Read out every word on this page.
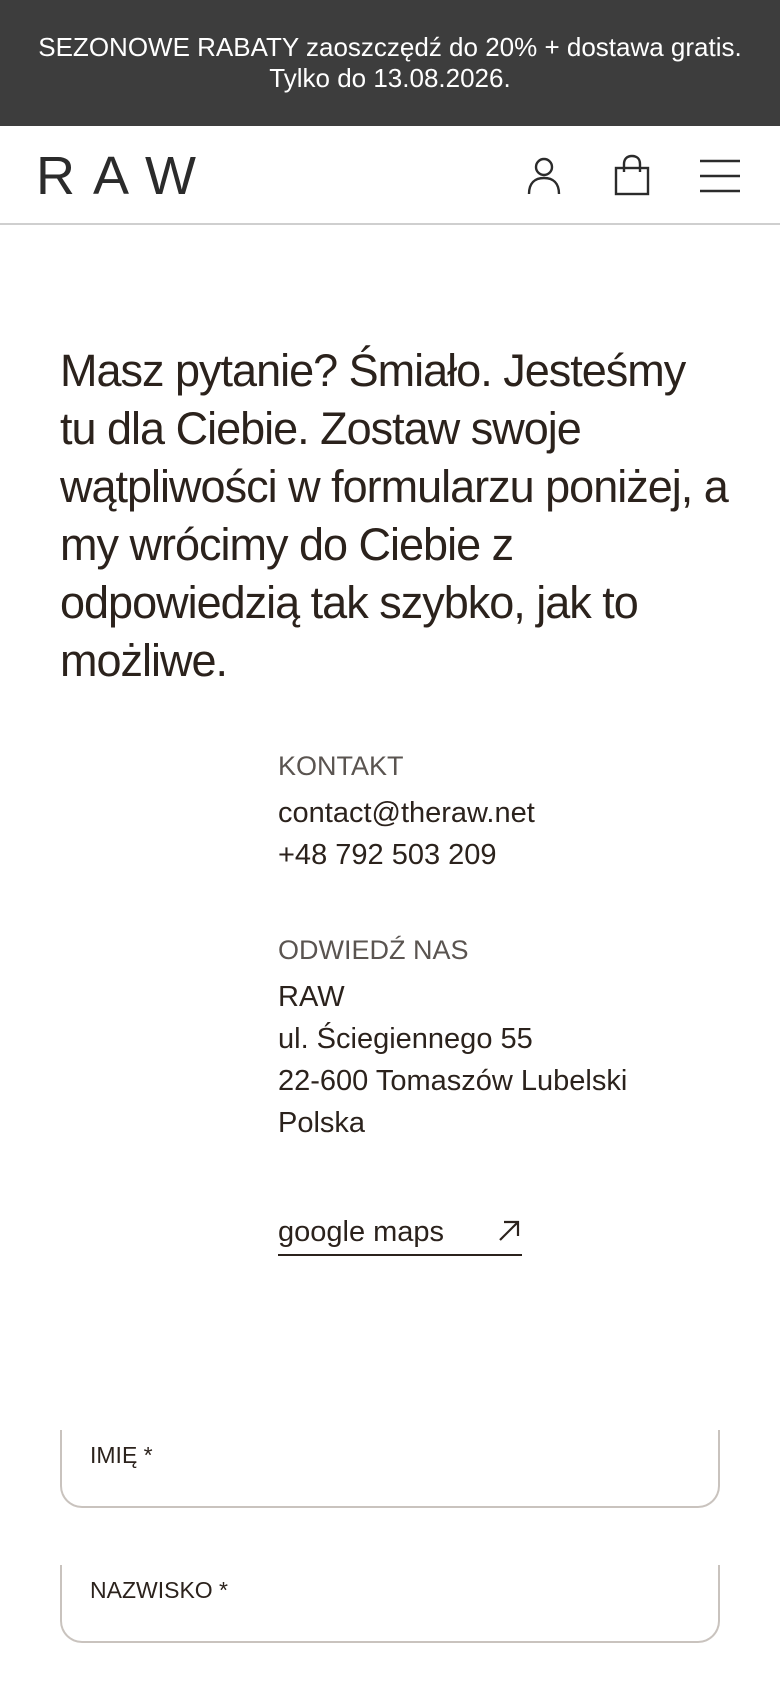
SEZONOWE RABATY zaoszczędź do 20% + dostawa gratis. Tylko do 13.08.2026.
RAW

Masz pytanie? Śmiało. Jesteśmy tu dla Ciebie. Zostaw swoje wątpliwości w formularzu poniżej, a my wrócimy do Ciebie z odpowiedzią tak szybko, jak to możliwe.

KONTAKT
contact@theraw.net
+48 792 503 209
ODWIEDŹ NAS
RAW
ul. Ściegiennego 55
22-600 Tomaszów Lubelski
Polska
google maps
IMIĘ *
NAZWISKO *
